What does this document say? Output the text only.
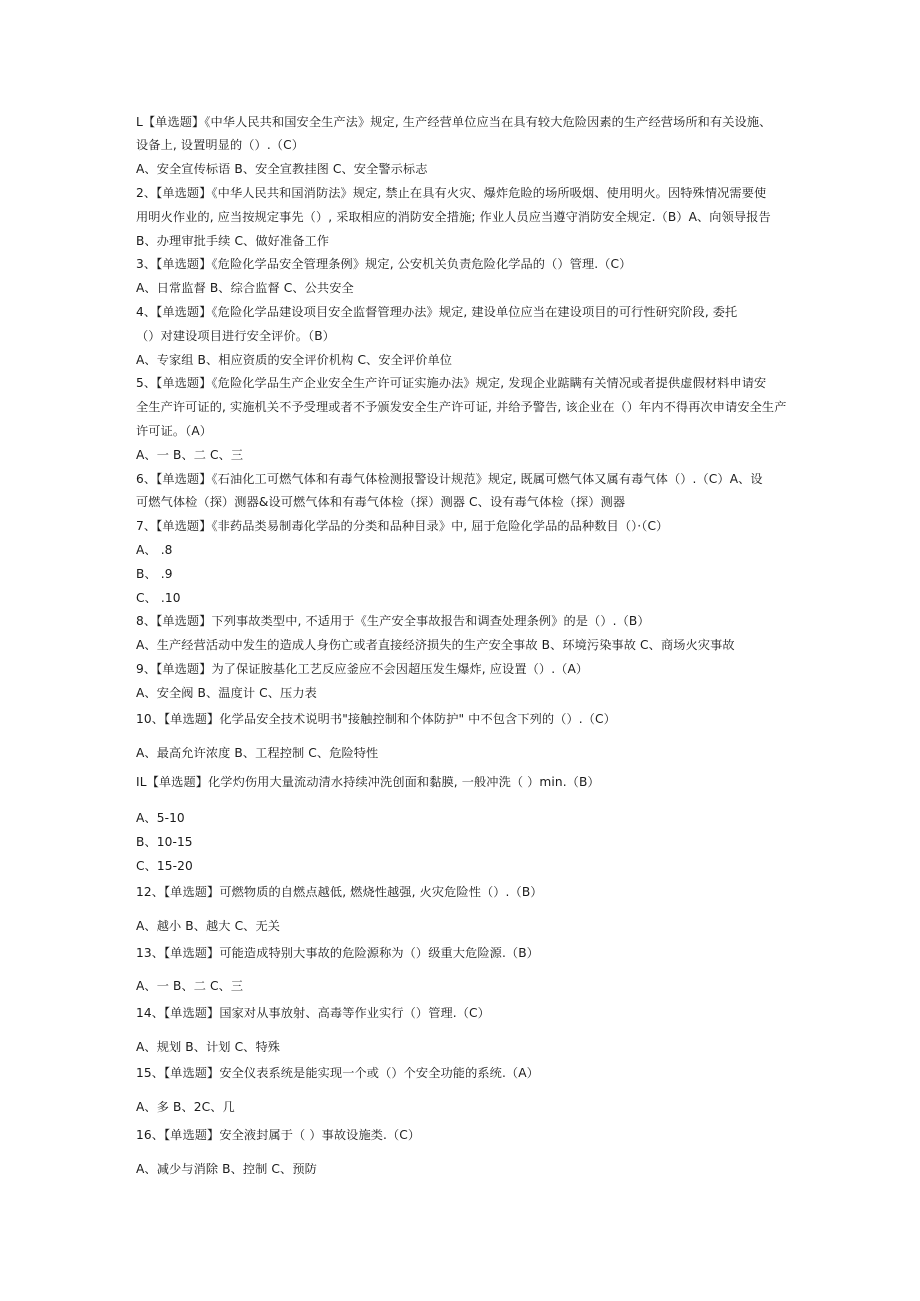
L【单选题】《中华人民共和国安全生产法》规定, 生产经营单位应当在具有较大危险因素的生产经营场所和有关设施、
设备上, 设置明显的（）.（C）
A、安全宣传标语 B、安全宣教挂图 C、安全警示标志
2、【单选题】《中华人民共和国消防法》规定, 禁止在具有火灾、爆炸危睑的场所吸烟、使用明火。因特殊情况需要使
用明火作业的, 应当按规定事先（）, 采取相应的消防安全措施; 作业人员应当遵守消防安全规定.（B）A、向领导报告
B、办理审批手续 C、做好准备工作
3、【单选题】《危险化学品安全管理条例》规定, 公安机关负责危险化学品的（）管理.（C）
A、日常监督 B、综合监督 C、公共安全
4、【单选题】《危险化学品建设项目安全监督管理办法》规定, 建设单位应当在建设项目的可行性研究阶段, 委托
（）对建设项目进行安全评价。（B）
A、专家组 B、相应资质的安全评价机构 C、安全评价单位
5、【单选题】《危险化学品生产企业安全生产许可证实施办法》规定, 发现企业踮瞒有关情况或者提供虚假材料申请安
全生产许可证的, 实施机关不予受理或者不予颁发安全生产许可证, 并给予警告, 该企业在（）年内不得再次申请安全生产
许可证。（A）
A、一 B、二 C、三
6、【单选题】《石油化工可燃气体和有毒气体检测报警设计规范》规定, 既属可燃气体又属有毒气体（）.（C）A、设
可燃气体检（探）测器&设可燃气体和有毒气体检（探）测器 C、设有毒气体检（探）测器
7、【单选题】《非药品类易制毒化学品的分类和品种目录》中, 屈于危险化学品的品种数目（）·（C）
A、 .8
B、 .9
C、 .10
8、【单选题】下列事故类型中, 不适用于《生产安全事故报告和调查处理条例》的是（）.（B）
A、生产经营活动中发生的造成人身伤亡或者直接经济损失的生产安全事故 B、环境污染事故 C、商场火灾事故
9、【单选题】为了保证胺基化工艺反应釜应不会因超压发生爆炸, 应设置（）.（A）
A、安全阀 B、温度计 C、压力表
10、【单选题】化学品安全技术说明书"接触控制和个体防护" 中不包含下列的（）.（C）
A、最高允许浓度 B、工程控制 C、危险特性
IL【单选题】化学灼伤用大量流动清水持续冲洗创面和黏膜, 一般冲洗（ ）min.（B）
A、5-10
B、10-15
C、15-20
12、【单选题】可燃物质的自燃点越低, 燃烧性越强, 火灾危险性（）.（B）
A、越小 B、越大 C、无关
13、【单选题】可能造成特别大事故的危险源称为（）级重大危险源.（B）
A、一 B、二 C、三
14、【单选题】国家对从事放射、高毒等作业实行（）管理.（C）
A、规划 B、计划 C、特殊
15、【单选题】安全仪表系统是能实现一个或（）个安全功能的系统.（A）
A、多 B、2C、几
16、【单选题】安全液封属于（ ）事故设施类.（C）
A、减少与消除 B、控制 C、预防
